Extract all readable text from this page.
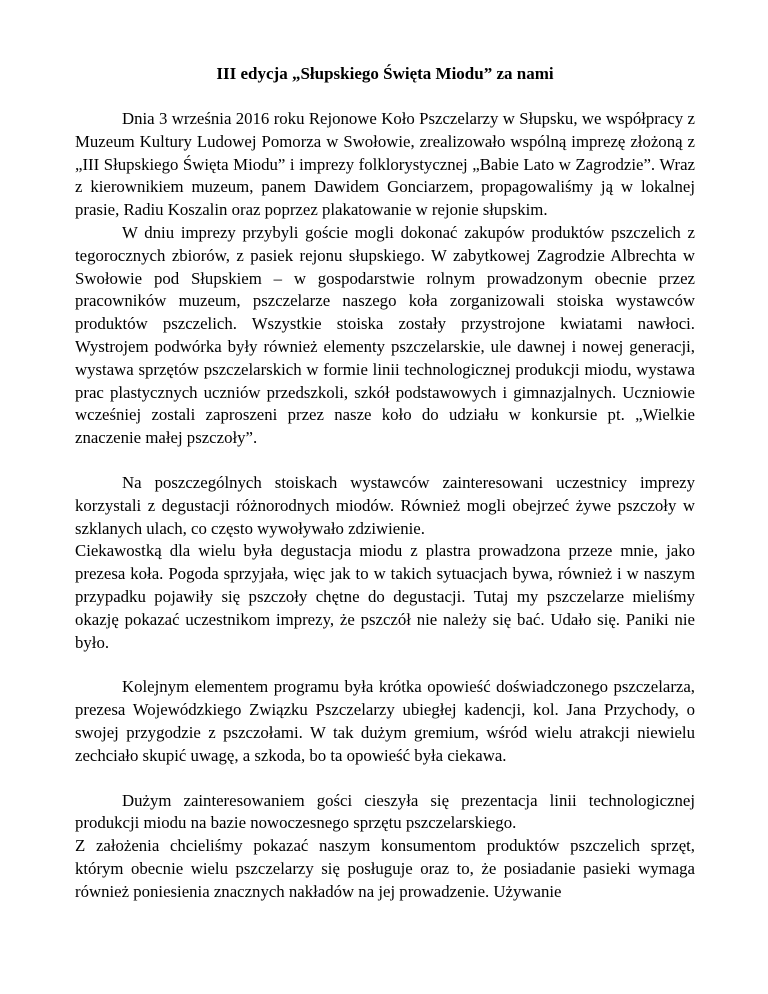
III edycja „Słupskiego Święta Miodu” za nami

Dnia 3 września 2016 roku Rejonowe Koło Pszczelarzy w Słupsku, we współpracy z Muzeum Kultury Ludowej Pomorza w Swołowie, zrealizowało wspólną imprezę złożoną z „III Słupskiego Święta Miodu” i imprezy folklorystycznej „Babie Lato w Zagrodzie”. Wraz z kierownikiem muzeum, panem Dawidem Gonciarzem, propagowaliśmy ją w lokalnej prasie, Radiu Koszalin oraz poprzez plakatowanie w rejonie słupskim.

W dniu imprezy przybyli goście mogli dokonać zakupów produktów pszczelich z tegorocznych zbiorów, z pasiek rejonu słupskiego. W zabytkowej Zagrodzie Albrechta w Swołowie pod Słupskiem – w gospodarstwie rolnym prowadzonym obecnie przez pracowników muzeum, pszczelarze naszego koła zorganizowali stoiska wystawców produktów pszczelich. Wszystkie stoiska zostały przystrojone kwiatami nawłoci. Wystrojem podwórka były również elementy pszczelarskie, ule dawnej i nowej generacji, wystawa sprzętów pszczelarskich w formie linii technologicznej produkcji miodu, wystawa prac plastycznych uczniów przedszkoli, szkół podstawowych i gimnazjalnych. Uczniowie wcześniej zostali zaproszeni przez nasze koło do udziału w konkursie pt. „Wielkie znaczenie małej pszczoły”.

Na poszczególnych stoiskach wystawców zainteresowani uczestnicy imprezy korzystali z degustacji różnorodnych miodów. Również mogli obejrzeć żywe pszczoły w szklanych ulach, co często wywoływało zdziwienie.

Ciekawostką dla wielu była degustacja miodu z plastra prowadzona przeze mnie, jako prezesa koła. Pogoda sprzyjała, więc jak to w takich sytuacjach bywa, również i w naszym przypadku pojawiły się pszczoły chętne do degustacji. Tutaj my pszczelarze mieliśmy okazję pokazać uczestnikom imprezy, że pszczół nie należy się bać. Udało się. Paniki nie było.

Kolejnym elementem programu była krótka opowieść doświadczonego pszczelarza, prezesa Wojewódzkiego Związku Pszczelarzy ubiegłej kadencji, kol. Jana Przychody, o swojej przygodzie z pszczołami. W tak dużym gremium, wśród wielu atrakcji niewielu zechciało skupić uwagę, a szkoda, bo ta opowieść była ciekawa.

Dużym zainteresowaniem gości cieszyła się prezentacja linii technologicznej produkcji miodu na bazie nowoczesnego sprzętu pszczelarskiego.

Z założenia chcieliśmy pokazać naszym konsumentom produktów pszczelich sprzęt, którym obecnie wielu pszczelarzy się posługuje oraz to, że posiadanie pasieki wymaga również poniesienia znacznych nakładów na jej prowadzenie. Używanie
